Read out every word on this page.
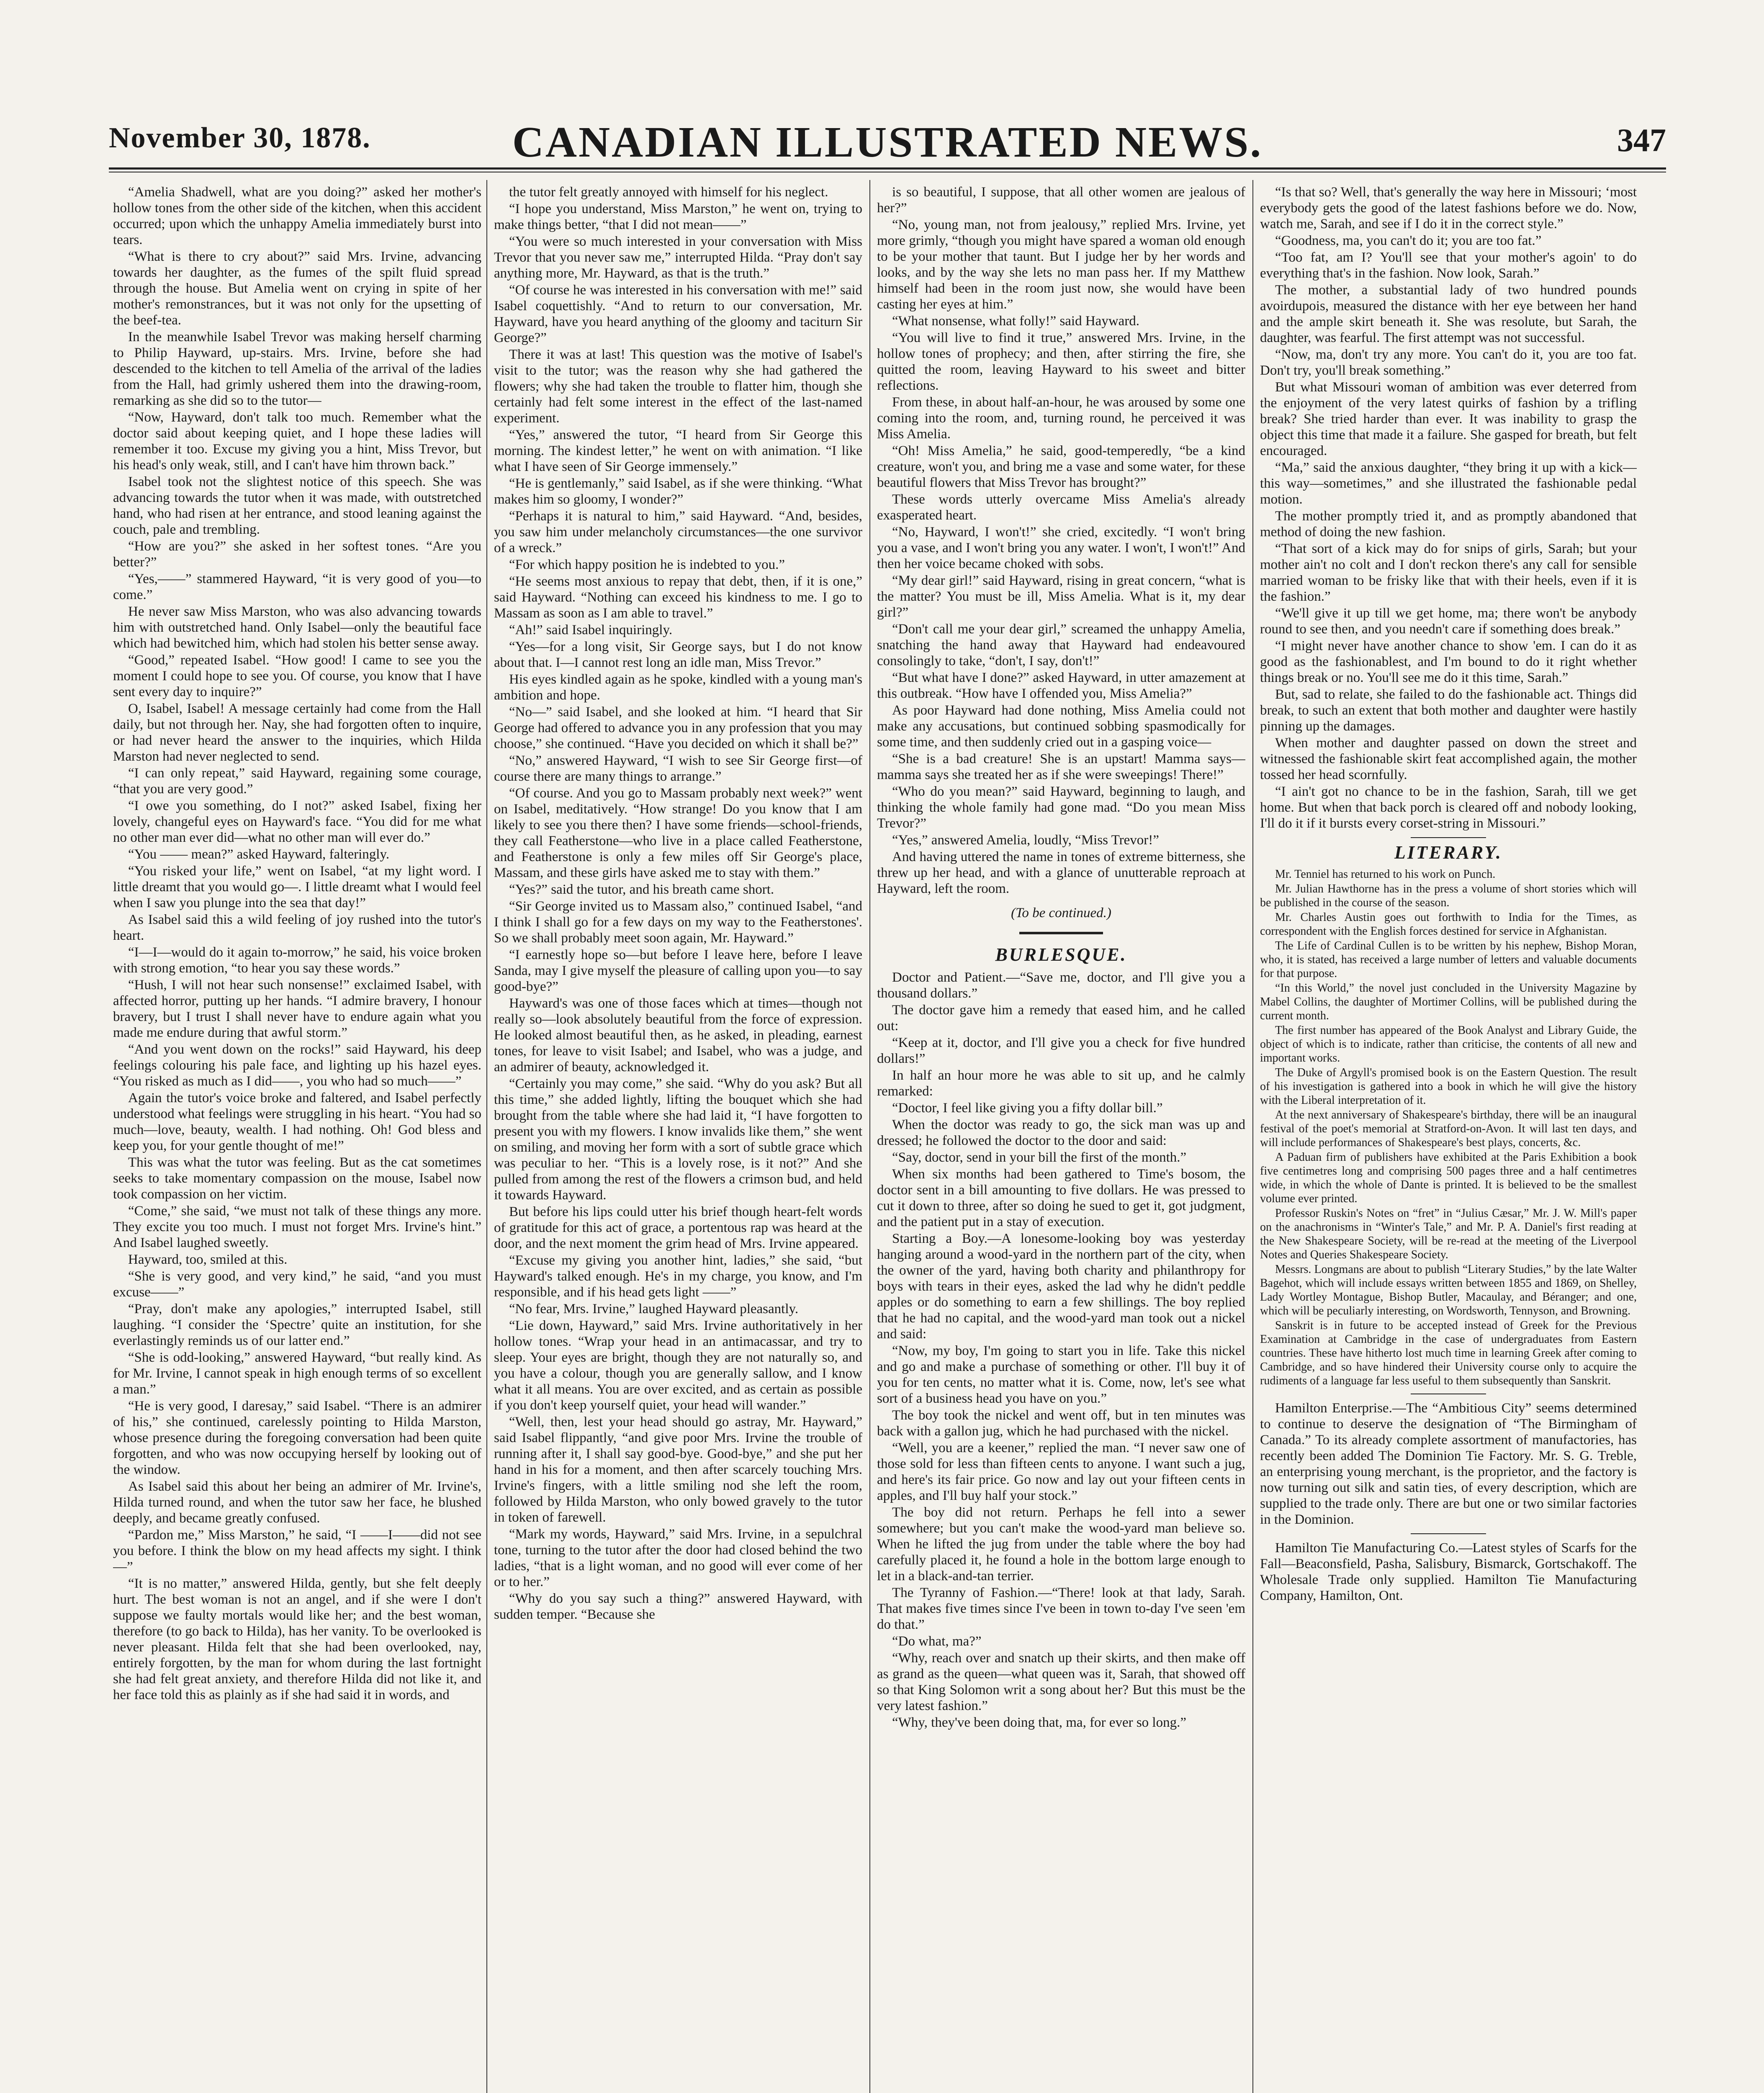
November 30, 1878.	CANADIAN ILLUSTRATED NEWS.	347

“Amelia Shadwell, what are you doing?” asked her mother's hollow tones from the other side of the kitchen, when this accident occurred; upon which the unhappy Amelia immediately burst into tears.

“What is there to cry about?” said Mrs. Irvine, advancing towards her daughter, as the fumes of the spilt fluid spread through the house. But Amelia went on crying in spite of her mother's remonstrances, but it was not only for the upsetting of the beef-tea.

In the meanwhile Isabel Trevor was making herself charming to Philip Hayward, up-stairs. Mrs. Irvine, before she had descended to the kitchen to tell Amelia of the arrival of the ladies from the Hall, had grimly ushered them into the drawing-room, remarking as she did so to the tutor—

“Now, Hayward, don't talk too much. Remember what the doctor said about keeping quiet, and I hope these ladies will remember it too. Excuse my giving you a hint, Miss Trevor, but his head's only weak, still, and I can't have him thrown back.”

Isabel took not the slightest notice of this speech. She was advancing towards the tutor when it was made, with outstretched hand, who had risen at her entrance, and stood leaning against the couch, pale and trembling.

“How are you?” she asked in her softest tones. “Are you better?”

“Yes,——” stammered Hayward, “it is very good of you—to come.”

He never saw Miss Marston, who was also advancing towards him with outstretched hand. Only Isabel—only the beautiful face which had bewitched him, which had stolen his better sense away.

“Good,” repeated Isabel. “How good! I came to see you the moment I could hope to see you. Of course, you know that I have sent every day to inquire?”

O, Isabel, Isabel! A message certainly had come from the Hall daily, but not through her. Nay, she had forgotten often to inquire, or had never heard the answer to the inquiries, which Hilda Marston had never neglected to send.

“I can only repeat,” said Hayward, regaining some courage, “that you are very good.”

“I owe you something, do I not?” asked Isabel, fixing her lovely, changeful eyes on Hayward's face. “You did for me what no other man ever did—what no other man will ever do.”

“You —— mean?” asked Hayward, falteringly.

“You risked your life,” went on Isabel, “at my light word. I little dreamt that you would go—. I little dreamt what I would feel when I saw you plunge into the sea that day!”

As Isabel said this a wild feeling of joy rushed into the tutor's heart.

“I—I—would do it again to-morrow,” he said, his voice broken with strong emotion, “to hear you say these words.”

“Hush, I will not hear such nonsense!” exclaimed Isabel, with affected horror, putting up her hands. “I admire bravery, I honour bravery, but I trust I shall never have to endure again what you made me endure during that awful storm.”

“And you went down on the rocks!” said Hayward, his deep feelings colouring his pale face, and lighting up his hazel eyes. “You risked as much as I did——, you who had so much——”

Again the tutor's voice broke and faltered, and Isabel perfectly understood what feelings were struggling in his heart. “You had so much—love, beauty, wealth. I had nothing. Oh! God bless and keep you, for your gentle thought of me!”

This was what the tutor was feeling. But as the cat sometimes seeks to take momentary compassion on the mouse, Isabel now took compassion on her victim.

“Come,” she said, “we must not talk of these things any more. They excite you too much. I must not forget Mrs. Irvine's hint.” And Isabel laughed sweetly.

Hayward, too, smiled at this.

“She is very good, and very kind,” he said, “and you must excuse——”

“Pray, don't make any apologies,” interrupted Isabel, still laughing. “I consider the ‘Spectre’ quite an institution, for she everlastingly reminds us of our latter end.”

“She is odd-looking,” answered Hayward, “but really kind. As for Mr. Irvine, I cannot speak in high enough terms of so excellent a man.”

“He is very good, I daresay,” said Isabel. “There is an admirer of his,” she continued, carelessly pointing to Hilda Marston, whose presence during the foregoing conversation had been quite forgotten, and who was now occupying herself by looking out of the window.

As Isabel said this about her being an admirer of Mr. Irvine's, Hilda turned round, and when the tutor saw her face, he blushed deeply, and became greatly confused.

“Pardon me,” Miss Marston,” he said, “I ——I——did not see you before. I think the blow on my head affects my sight. I think—”

“It is no matter,” answered Hilda, gently, but she felt deeply hurt. The best woman is not an angel, and if she were I don't suppose we faulty mortals would like her; and the best woman, therefore (to go back to Hilda), has her vanity. To be overlooked is never pleasant. Hilda felt that she had been overlooked, nay, entirely forgotten, by the man for whom during the last fortnight she had felt great anxiety, and therefore Hilda did not like it, and her face told this as plainly as if she had said it in words, and

the tutor felt greatly annoyed with himself for his neglect.

“I hope you understand, Miss Marston,” he went on, trying to make things better, “that I did not mean——”

“You were so much interested in your conversation with Miss Trevor that you never saw me,” interrupted Hilda. “Pray don't say anything more, Mr. Hayward, as that is the truth.”

“Of course he was interested in his conversation with me!” said Isabel coquettishly. “And to return to our conversation, Mr. Hayward, have you heard anything of the gloomy and taciturn Sir George?”

There it was at last! This question was the motive of Isabel's visit to the tutor; was the reason why she had gathered the flowers; why she had taken the trouble to flatter him, though she certainly had felt some interest in the effect of the last-named experiment.

“Yes,” answered the tutor, “I heard from Sir George this morning. The kindest letter,” he went on with animation. “I like what I have seen of Sir George immensely.”

“He is gentlemanly,” said Isabel, as if she were thinking. “What makes him so gloomy, I wonder?”

“Perhaps it is natural to him,” said Hayward. “And, besides, you saw him under melancholy circumstances—the one survivor of a wreck.”

“For which happy position he is indebted to you.”

“He seems most anxious to repay that debt, then, if it is one,” said Hayward. “Nothing can exceed his kindness to me. I go to Massam as soon as I am able to travel.”

“Ah!” said Isabel inquiringly.

“Yes—for a long visit, Sir George says, but I do not know about that. I—I cannot rest long an idle man, Miss Trevor.”

His eyes kindled again as he spoke, kindled with a young man's ambition and hope.

“No—” said Isabel, and she looked at him. “I heard that Sir George had offered to advance you in any profession that you may choose,” she continued. “Have you decided on which it shall be?”

“No,” answered Hayward, “I wish to see Sir George first—of course there are many things to arrange.”

“Of course. And you go to Massam probably next week?” went on Isabel, meditatively. “How strange! Do you know that I am likely to see you there then? I have some friends—school-friends, they call Featherstone—who live in a place called Featherstone, and Featherstone is only a few miles off Sir George's place, Massam, and these girls have asked me to stay with them.”

“Yes?” said the tutor, and his breath came short.

“Sir George invited us to Massam also,” continued Isabel, “and I think I shall go for a few days on my way to the Featherstones'. So we shall probably meet soon again, Mr. Hayward.”

“I earnestly hope so—but before I leave here, before I leave Sanda, may I give myself the pleasure of calling upon you—to say good-bye?”

Hayward's was one of those faces which at times—though not really so—look absolutely beautiful from the force of expression. He looked almost beautiful then, as he asked, in pleading, earnest tones, for leave to visit Isabel; and Isabel, who was a judge, and an admirer of beauty, acknowledged it.

“Certainly you may come,” she said. “Why do you ask? But all this time,” she added lightly, lifting the bouquet which she had brought from the table where she had laid it, “I have forgotten to present you with my flowers. I know invalids like them,” she went on smiling, and moving her form with a sort of subtle grace which was peculiar to her. “This is a lovely rose, is it not?” And she pulled from among the rest of the flowers a crimson bud, and held it towards Hayward.

But before his lips could utter his brief though heart-felt words of gratitude for this act of grace, a portentous rap was heard at the door, and the next moment the grim head of Mrs. Irvine appeared.

“Excuse my giving you another hint, ladies,” she said, “but Hayward's talked enough. He's in my charge, you know, and I'm responsible, and if his head gets light ——”

“No fear, Mrs. Irvine,” laughed Hayward pleasantly.

“Lie down, Hayward,” said Mrs. Irvine authoritatively in her hollow tones. “Wrap your head in an antimacassar, and try to sleep. Your eyes are bright, though they are not naturally so, and you have a colour, though you are generally sallow, and I know what it all means. You are over excited, and as certain as possible if you don't keep yourself quiet, your head will wander.”

“Well, then, lest your head should go astray, Mr. Hayward,” said Isabel flippantly, “and give poor Mrs. Irvine the trouble of running after it, I shall say good-bye. Good-bye,” and she put her hand in his for a moment, and then after scarcely touching Mrs. Irvine's fingers, with a little smiling nod she left the room, followed by Hilda Marston, who only bowed gravely to the tutor in token of farewell.

“Mark my words, Hayward,” said Mrs. Irvine, in a sepulchral tone, turning to the tutor after the door had closed behind the two ladies, “that is a light woman, and no good will ever come of her or to her.”

“Why do you say such a thing?” answered Hayward, with sudden temper. “Because she

is so beautiful, I suppose, that all other women are jealous of her?”

“No, young man, not from jealousy,” replied Mrs. Irvine, yet more grimly, “though you might have spared a woman old enough to be your mother that taunt. But I judge her by her words and looks, and by the way she lets no man pass her. If my Matthew himself had been in the room just now, she would have been casting her eyes at him.”

“What nonsense, what folly!” said Hayward.

“You will live to find it true,” answered Mrs. Irvine, in the hollow tones of prophecy; and then, after stirring the fire, she quitted the room, leaving Hayward to his sweet and bitter reflections.

From these, in about half-an-hour, he was aroused by some one coming into the room, and, turning round, he perceived it was Miss Amelia.

“Oh! Miss Amelia,” he said, good-temperedly, “be a kind creature, won't you, and bring me a vase and some water, for these beautiful flowers that Miss Trevor has brought?”

These words utterly overcame Miss Amelia's already exasperated heart.

“No, Hayward, I won't!” she cried, excitedly. “I won't bring you a vase, and I won't bring you any water. I won't, I won't!” And then her voice became choked with sobs.

“My dear girl!” said Hayward, rising in great concern, “what is the matter? You must be ill, Miss Amelia. What is it, my dear girl?”

“Don't call me your dear girl,” screamed the unhappy Amelia, snatching the hand away that Hayward had endeavoured consolingly to take, “don't, I say, don't!”

“But what have I done?” asked Hayward, in utter amazement at this outbreak. “How have I offended you, Miss Amelia?”

As poor Hayward had done nothing, Miss Amelia could not make any accusations, but continued sobbing spasmodically for some time, and then suddenly cried out in a gasping voice—

“She is a bad creature! She is an upstart! Mamma says—mamma says she treated her as if she were sweepings! There!”

“Who do you mean?” said Hayward, beginning to laugh, and thinking the whole family had gone mad. “Do you mean Miss Trevor?”

“Yes,” answered Amelia, loudly, “Miss Trevor!”

And having uttered the name in tones of extreme bitterness, she threw up her head, and with a glance of unutterable reproach at Hayward, left the room.

(To be continued.)

BURLESQUE.

Doctor and Patient.—“Save me, doctor, and I'll give you a thousand dollars.”

The doctor gave him a remedy that eased him, and he called out:

“Keep at it, doctor, and I'll give you a check for five hundred dollars!”

In half an hour more he was able to sit up, and he calmly remarked:

“Doctor, I feel like giving you a fifty dollar bill.”

When the doctor was ready to go, the sick man was up and dressed; he followed the doctor to the door and said:

“Say, doctor, send in your bill the first of the month.”

When six months had been gathered to Time's bosom, the doctor sent in a bill amounting to five dollars. He was pressed to cut it down to three, after so doing he sued to get it, got judgment, and the patient put in a stay of execution.

Starting a Boy.—A lonesome-looking boy was yesterday hanging around a wood-yard in the northern part of the city, when the owner of the yard, having both charity and philanthropy for boys with tears in their eyes, asked the lad why he didn't peddle apples or do something to earn a few shillings. The boy replied that he had no capital, and the wood-yard man took out a nickel and said:

“Now, my boy, I'm going to start you in life. Take this nickel and go and make a purchase of something or other. I'll buy it of you for ten cents, no matter what it is. Come, now, let's see what sort of a business head you have on you.”

The boy took the nickel and went off, but in ten minutes was back with a gallon jug, which he had purchased with the nickel.

“Well, you are a keener,” replied the man. “I never saw one of those sold for less than fifteen cents to anyone. I want such a jug, and here's its fair price. Go now and lay out your fifteen cents in apples, and I'll buy half your stock.”

The boy did not return. Perhaps he fell into a sewer somewhere; but you can't make the wood-yard man believe so. When he lifted the jug from under the table where the boy had carefully placed it, he found a hole in the bottom large enough to let in a black-and-tan terrier.

The Tyranny of Fashion.—“There! look at that lady, Sarah. That makes five times since I've been in town to-day I've seen 'em do that.”

“Do what, ma?”

“Why, reach over and snatch up their skirts, and then make off as grand as the queen—what queen was it, Sarah, that showed off so that King Solomon writ a song about her? But this must be the very latest fashion.”

“Why, they've been doing that, ma, for ever so long.”

“Is that so? Well, that's generally the way here in Missouri; ‘most everybody gets the good of the latest fashions before we do. Now, watch me, Sarah, and see if I do it in the correct style.”

“Goodness, ma, you can't do it; you are too fat.”

“Too fat, am I? You'll see that your mother's agoin' to do everything that's in the fashion. Now look, Sarah.”

The mother, a substantial lady of two hundred pounds avoirdupois, measured the distance with her eye between her hand and the ample skirt beneath it. She was resolute, but Sarah, the daughter, was fearful. The first attempt was not successful.

“Now, ma, don't try any more. You can't do it, you are too fat. Don't try, you'll break something.”

But what Missouri woman of ambition was ever deterred from the enjoyment of the very latest quirks of fashion by a trifling break? She tried harder than ever. It was inability to grasp the object this time that made it a failure. She gasped for breath, but felt encouraged.

“Ma,” said the anxious daughter, “they bring it up with a kick—this way—sometimes,” and she illustrated the fashionable pedal motion.

The mother promptly tried it, and as promptly abandoned that method of doing the new fashion.

“That sort of a kick may do for snips of girls, Sarah; but your mother ain't no colt and I don't reckon there's any call for sensible married woman to be frisky like that with their heels, even if it is the fashion.”

“We'll give it up till we get home, ma; there won't be anybody round to see then, and you needn't care if something does break.”

“I might never have another chance to show 'em. I can do it as good as the fashionablest, and I'm bound to do it right whether things break or no. You'll see me do it this time, Sarah.”

But, sad to relate, she failed to do the fashionable act. Things did break, to such an extent that both mother and daughter were hastily pinning up the damages.

When mother and daughter passed on down the street and witnessed the fashionable skirt feat accomplished again, the mother tossed her head scornfully.

“I ain't got no chance to be in the fashion, Sarah, till we get home. But when that back porch is cleared off and nobody looking, I'll do it if it bursts every corset-string in Missouri.”

LITERARY.

Mr. Tenniel has returned to his work on Punch.

Mr. Julian Hawthorne has in the press a volume of short stories which will be published in the course of the season.

Mr. Charles Austin goes out forthwith to India for the Times, as correspondent with the English forces destined for service in Afghanistan.

The Life of Cardinal Cullen is to be written by his nephew, Bishop Moran, who, it is stated, has received a large number of letters and valuable documents for that purpose.

“In this World,” the novel just concluded in the University Magazine by Mabel Collins, the daughter of Mortimer Collins, will be published during the current month.

The first number has appeared of the Book Analyst and Library Guide, the object of which is to indicate, rather than criticise, the contents of all new and important works.

The Duke of Argyll's promised book is on the Eastern Question. The result of his investigation is gathered into a book in which he will give the history with the Liberal interpretation of it.

At the next anniversary of Shakespeare's birthday, there will be an inaugural festival of the poet's memorial at Stratford-on-Avon. It will last ten days, and will include performances of Shakespeare's best plays, concerts, &c.

A Paduan firm of publishers have exhibited at the Paris Exhibition a book five centimetres long and comprising 500 pages three and a half centimetres wide, in which the whole of Dante is printed. It is believed to be the smallest volume ever printed.

Professor Ruskin's Notes on “fret” in “Julius Cæsar,” Mr. J. W. Mill's paper on the anachronisms in “Winter's Tale,” and Mr. P. A. Daniel's first reading at the New Shakespeare Society, will be re-read at the meeting of the Liverpool Notes and Queries Shakespeare Society.

Messrs. Longmans are about to publish “Literary Studies,” by the late Walter Bagehot, which will include essays written between 1855 and 1869, on Shelley, Lady Wortley Montague, Bishop Butler, Macaulay, and Béranger; and one, which will be peculiarly interesting, on Wordsworth, Tennyson, and Browning.

Sanskrit is in future to be accepted instead of Greek for the Previous Examination at Cambridge in the case of undergraduates from Eastern countries. These have hitherto lost much time in learning Greek after coming to Cambridge, and so have hindered their University course only to acquire the rudiments of a language far less useful to them subsequently than Sanskrit.

Hamilton Enterprise.—The “Ambitious City” seems determined to continue to deserve the designation of “The Birmingham of Canada.” To its already complete assortment of manufactories, has recently been added The Dominion Tie Factory. Mr. S. G. Treble, an enterprising young merchant, is the proprietor, and the factory is now turning out silk and satin ties, of every description, which are supplied to the trade only. There are but one or two similar factories in the Dominion.

Hamilton Tie Manufacturing Co.—Latest styles of Scarfs for the Fall—Beaconsfield, Pasha, Salisbury, Bismarck, Gortschakoff. The Wholesale Trade only supplied. Hamilton Tie Manufacturing Company, Hamilton, Ont.
